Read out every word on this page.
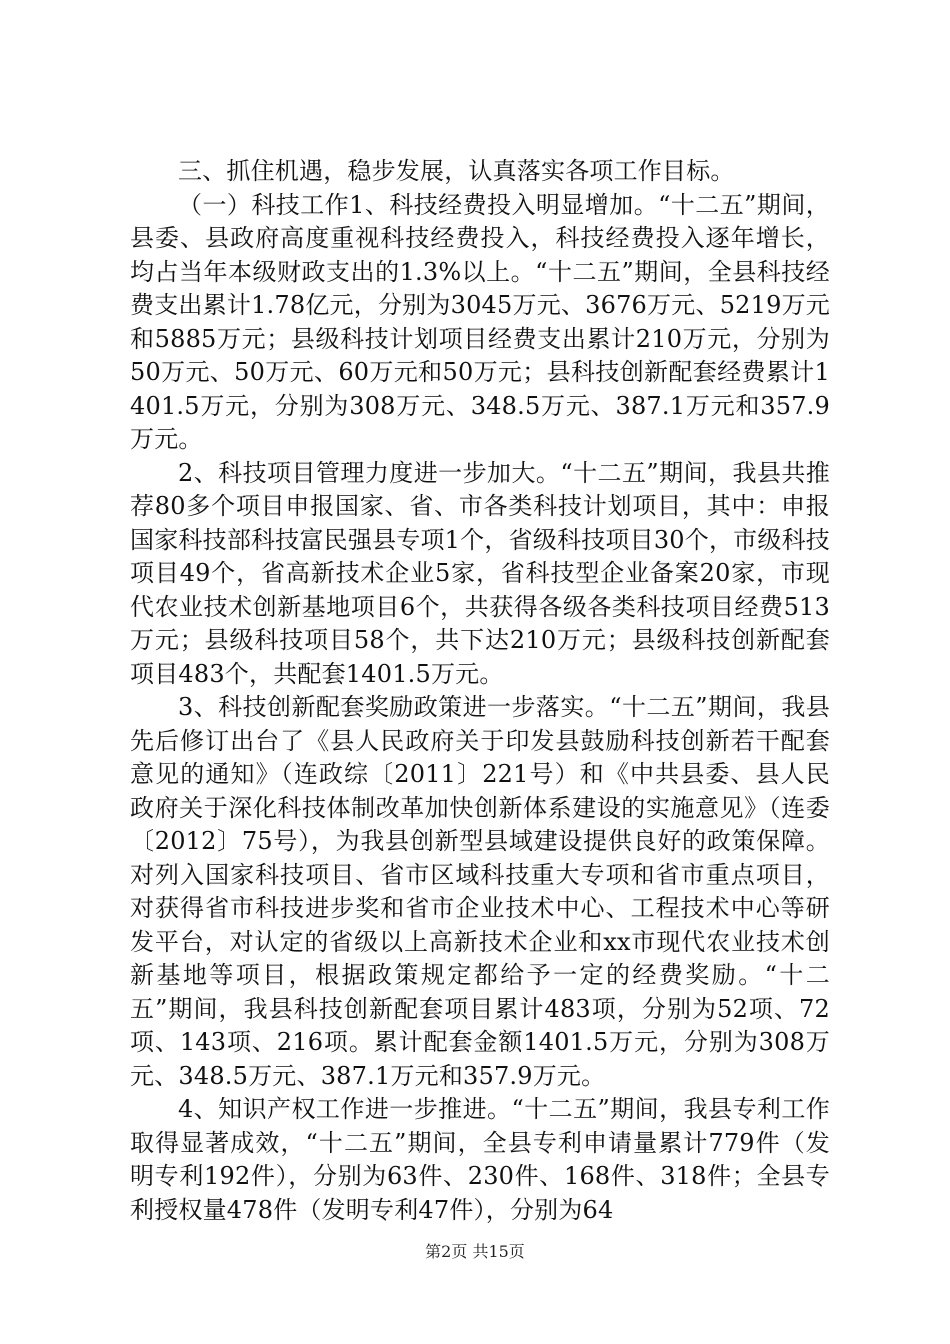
三、抓住机遇，稳步发展，认真落实各项工作目标。

（一）科技工作1、科技经费投入明显增加。“十二五”期间，县委、县政府高度重视科技经费投入，科技经费投入逐年增长，均占当年本级财政支出的1.3%以上。“十二五”期间，全县科技经费支出累计1.78亿元，分别为3045万元、3676万元、5219万元和5885万元；县级科技计划项目经费支出累计210万元，分别为50万元、50万元、60万元和50万元；县科技创新配套经费累计1401.5万元，分别为308万元、348.5万元、387.1万元和357.9万元。

2、科技项目管理力度进一步加大。“十二五”期间，我县共推荐80多个项目申报国家、省、市各类科技计划项目，其中：申报国家科技部科技富民强县专项1个，省级科技项目30个，市级科技项目49个，省高新技术企业5家，省科技型企业备案20家，市现代农业技术创新基地项目6个，共获得各级各类科技项目经费513万元；县级科技项目58个，共下达210万元；县级科技创新配套项目483个，共配套1401.5万元。

3、科技创新配套奖励政策进一步落实。“十二五”期间，我县先后修订出台了《县人民政府关于印发县鼓励科技创新若干配套意见的通知》（连政综〔2011〕221号）和《中共县委、县人民政府关于深化科技体制改革加快创新体系建设的实施意见》（连委〔2012〕75号），为我县创新型县域建设提供良好的政策保障。对列入国家科技项目、省市区域科技重大专项和省市重点项目，对获得省市科技进步奖和省市企业技术中心、工程技术中心等研发平台，对认定的省级以上高新技术企业和xx市现代农业技术创新基地等项目，根据政策规定都给予一定的经费奖励。“十二五”期间，我县科技创新配套项目累计483项，分别为52项、72项、143项、216项。累计配套金额1401.5万元，分别为308万元、348.5万元、387.1万元和357.9万元。

4、知识产权工作进一步推进。“十二五”期间，我县专利工作取得显著成效，“十二五”期间，全县专利申请量累计779件（发明专利192件），分别为63件、230件、168件、318件；全县专利授权量478件（发明专利47件），分别为64

第2页 共15页
